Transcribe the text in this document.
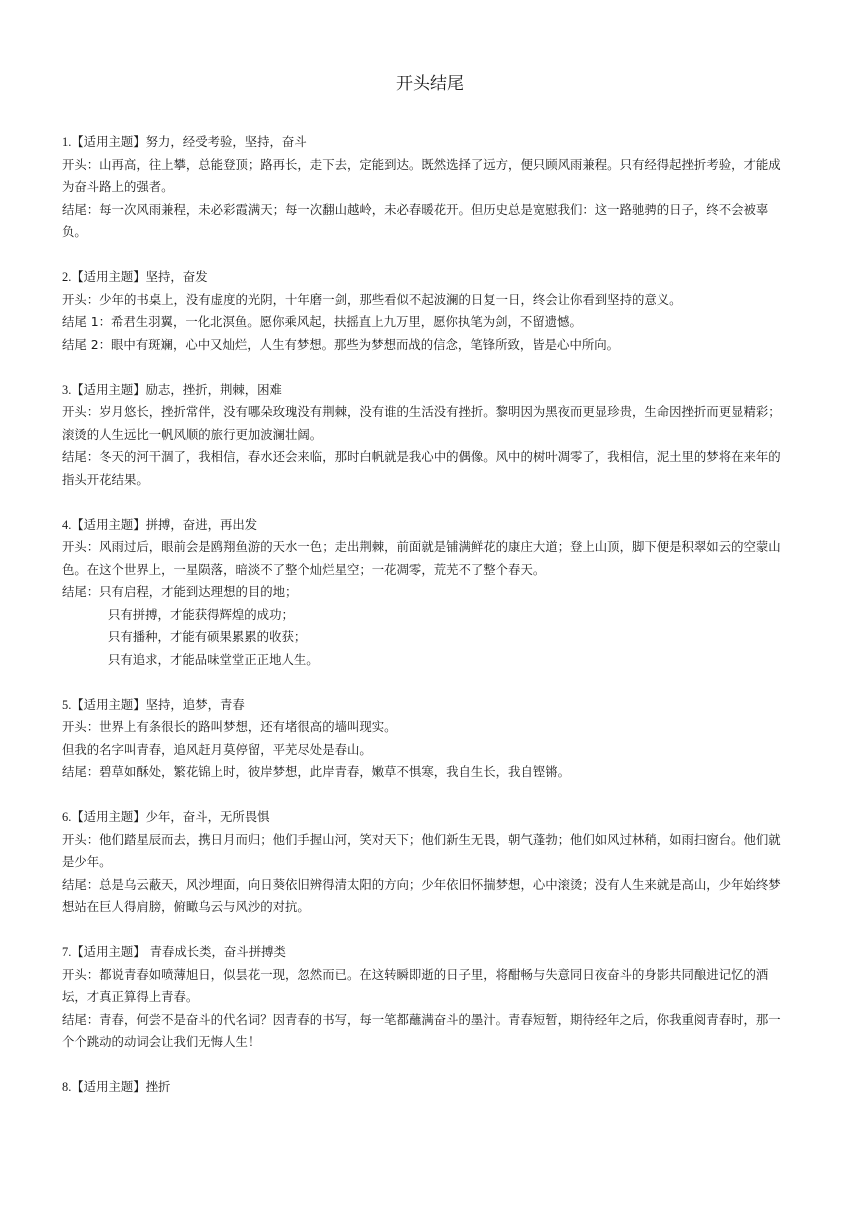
开头结尾

1.【适用主题】努力，经受考验，坚持，奋斗

开头：山再高，往上攀，总能登顶；路再长，走下去，定能到达。既然选择了远方，便只顾风雨兼程。只有经得起挫折考验，才能成为奋斗路上的强者。

结尾：每一次风雨兼程，未必彩霞满天；每一次翻山越岭，未必春暖花开。但历史总是宽慰我们：这一路驰骋的日子，终不会被辜负。

2.【适用主题】坚持，奋发

开头：少年的书桌上，没有虚度的光阴，十年磨一剑，那些看似不起波澜的日复一日，终会让你看到坚持的意义。

结尾 1：希君生羽翼，一化北溟鱼。愿你乘风起，扶摇直上九万里，愿你执笔为剑，不留遗憾。

结尾 2：眼中有斑斓，心中又灿烂，人生有梦想。那些为梦想而战的信念，笔锋所致，皆是心中所向。

3.【适用主题】励志，挫折，荆棘，困难

开头：岁月悠长，挫折常伴，没有哪朵玫瑰没有荆棘，没有谁的生活没有挫折。黎明因为黑夜而更显珍贵，生命因挫折而更显精彩；滚烫的人生远比一帆风顺的旅行更加波澜壮阔。

结尾：冬天的河干涸了，我相信，春水还会来临，那时白帆就是我心中的偶像。风中的树叶凋零了，我相信，泥土里的梦将在来年的指头开花结果。

4.【适用主题】拼搏，奋进，再出发

开头：风雨过后，眼前会是鸥翔鱼游的天水一色；走出荆棘，前面就是铺满鲜花的康庄大道；登上山顶，脚下便是积翠如云的空蒙山色。在这个世界上，一星陨落，暗淡不了整个灿烂星空；一花凋零，荒芜不了整个春天。

结尾：只有启程，才能到达理想的目的地；

只有拼搏，才能获得辉煌的成功；

只有播种，才能有硕果累累的收获；

只有追求，才能品味堂堂正正地人生。

5.【适用主题】坚持，追梦，青春

开头：世界上有条很长的路叫梦想，还有堵很高的墙叫现实。

但我的名字叫青春，追风赶月莫停留，平芜尽处是春山。

结尾：碧草如酥处，繁花锦上时，彼岸梦想，此岸青春，嫩草不惧寒，我自生长，我自铿锵。

6.【适用主题】少年，奋斗，无所畏惧

开头：他们踏星辰而去，携日月而归；他们手握山河，笑对天下；他们新生无畏，朝气蓬勃；他们如风过林稍，如雨扫窗台。他们就是少年。

结尾：总是乌云蔽天，风沙埋面，向日葵依旧辨得清太阳的方向；少年依旧怀揣梦想，心中滚烫；没有人生来就是高山，少年始终梦想站在巨人得肩膀，俯瞰乌云与风沙的对抗。

7.【适用主题】 青春成长类，奋斗拼搏类

开头：都说青春如喷薄旭日，似昙花一现，忽然而已。在这转瞬即逝的日子里，将酣畅与失意同日夜奋斗的身影共同酿进记忆的酒坛，才真正算得上青春。

结尾：青春，何尝不是奋斗的代名词？因青春的书写，每一笔都蘸满奋斗的墨汁。青春短暂，期待经年之后，你我重阅青春时，那一个个跳动的动词会让我们无悔人生！

8.【适用主题】挫折
